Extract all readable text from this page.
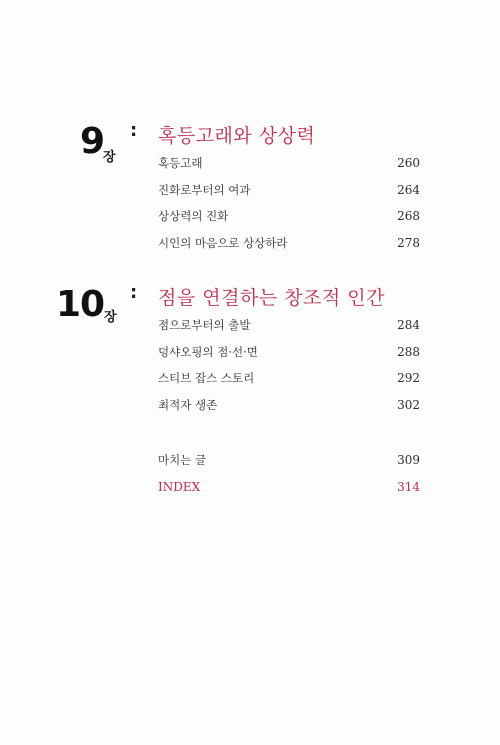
9
장
: 혹등고래와 상상력
혹등고래	260
진화로부터의 여과	264
상상력의 진화	268
시인의 마음으로 상상하라	278
10 장
: 점을 연결하는 창조적 인간
점으로부터의 출발	284
덩샤오핑의 점·선·면	288
스티브 잡스 스토리	292
최적자 생존	302
마치는 글	309
INDEX	314
